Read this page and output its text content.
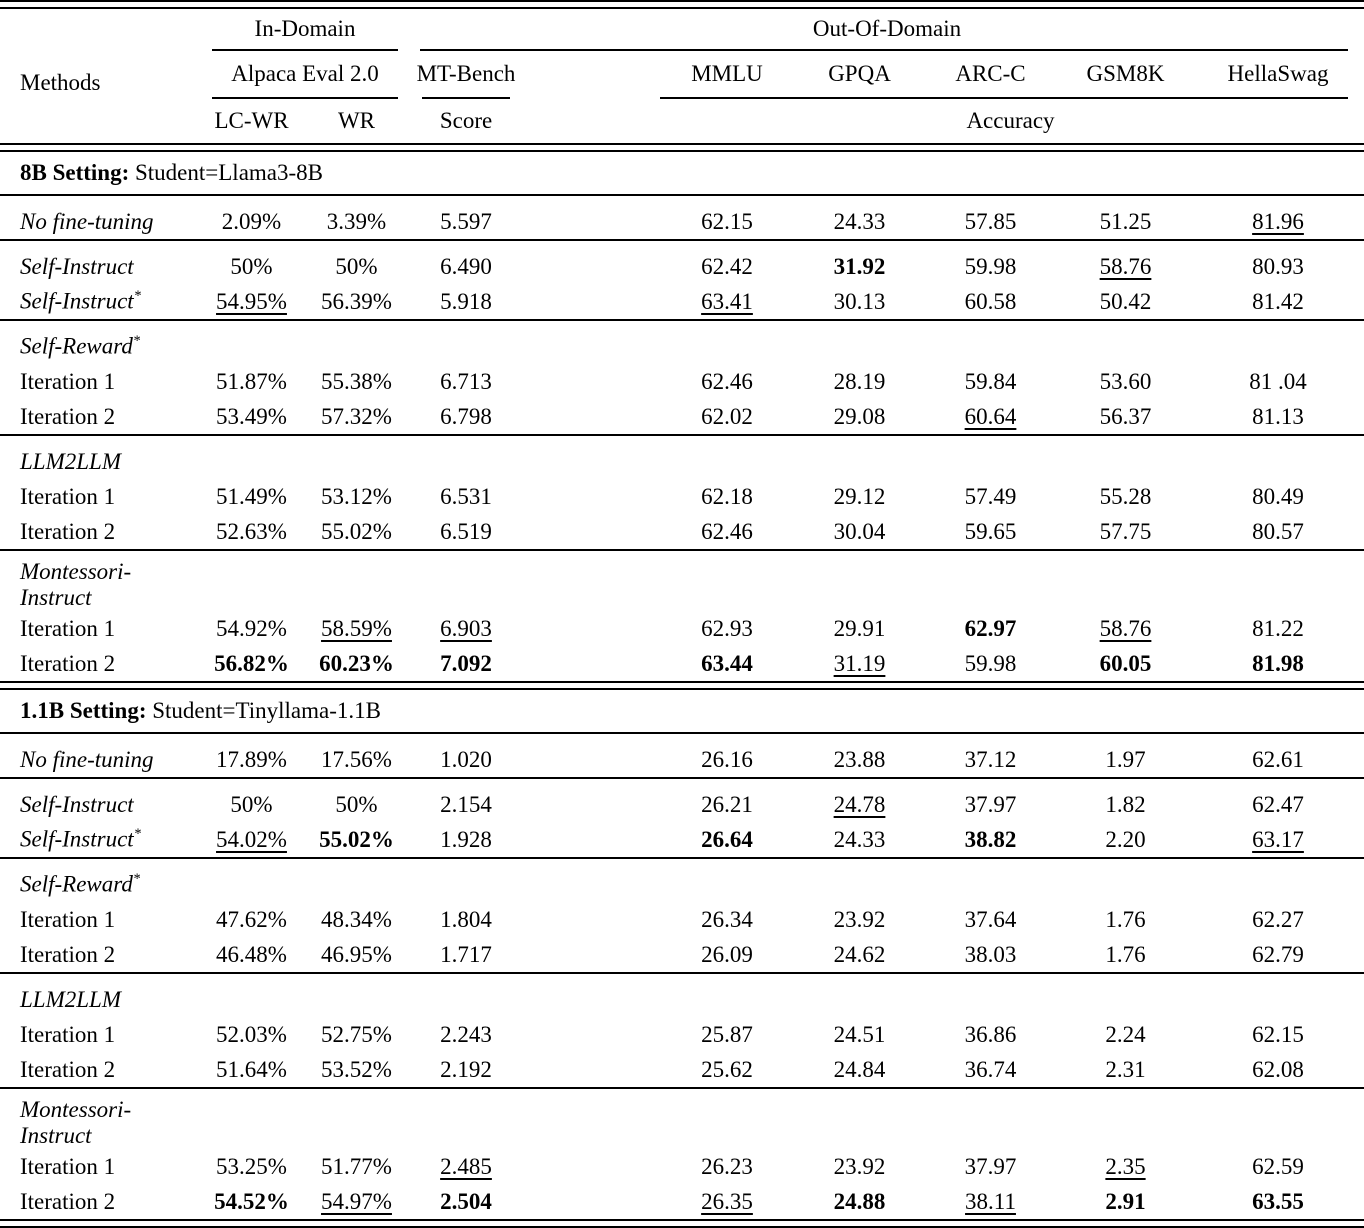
Methods	In-Domain		Out-Of-Domain						

	Alpaca Eval 2.0		MT-Bench		MMLU	GPQA	ARC-C	GSM8K	HellaSwag

	LC-WR	WR	Score		Accuracy				

8B Setting: Student=Llama3-8B									

No fine-tuning	2.09%	3.39%	5.597		62.15	24.33	57.85	51.25	81.96

Self-Instruct	50%	50%	6.490		62.42	31.92	59.98	58.76	80.93
Self-Instruct*	54.95%	56.39%	5.918		63.41	30.13	60.58	50.42	81.42

Self-Reward*	
Iteration 1	51.87%	55.38%	6.713		62.46	28.19	59.84	53.60	81 .04
Iteration 2	53.49%	57.32%	6.798		62.02	29.08	60.64	56.37	81.13

LLM2LLM									
Iteration 1	51.49%	53.12%	6.531		62.18	29.12	57.49	55.28	80.49
Iteration 2	52.63%	55.02%	6.519		62.46	30.04	59.65	57.75	80.57

Montessori-Instruct									
Iteration 1	54.92%	58.59%	6.903		62.93	29.91	62.97	58.76	81.22
Iteration 2	56.82%	60.23%	7.092		63.44	31.19	59.98	60.05	81.98

1.1B Setting: Student=Tinyllama-1.1B									

No fine-tuning	17.89%	17.56%	1.020		26.16	23.88	37.12	1.97	62.61

Self-Instruct	50%	50%	2.154		26.21	24.78	37.97	1.82	62.47
Self-Instruct*	54.02%	55.02%	1.928		26.64	24.33	38.82	2.20	63.17

Self-Reward*	
Iteration 1	47.62%	48.34%	1.804		26.34	23.92	37.64	1.76	62.27
Iteration 2	46.48%	46.95%	1.717		26.09	24.62	38.03	1.76	62.79

LLM2LLM									
Iteration 1	52.03%	52.75%	2.243		25.87	24.51	36.86	2.24	62.15
Iteration 2	51.64%	53.52%	2.192		25.62	24.84	36.74	2.31	62.08

Montessori-Instruct									
Iteration 1	53.25%	51.77%	2.485		26.23	23.92	37.97	2.35	62.59
Iteration 2	54.52%	54.97%	2.504		26.35	24.88	38.11	2.91	63.55
